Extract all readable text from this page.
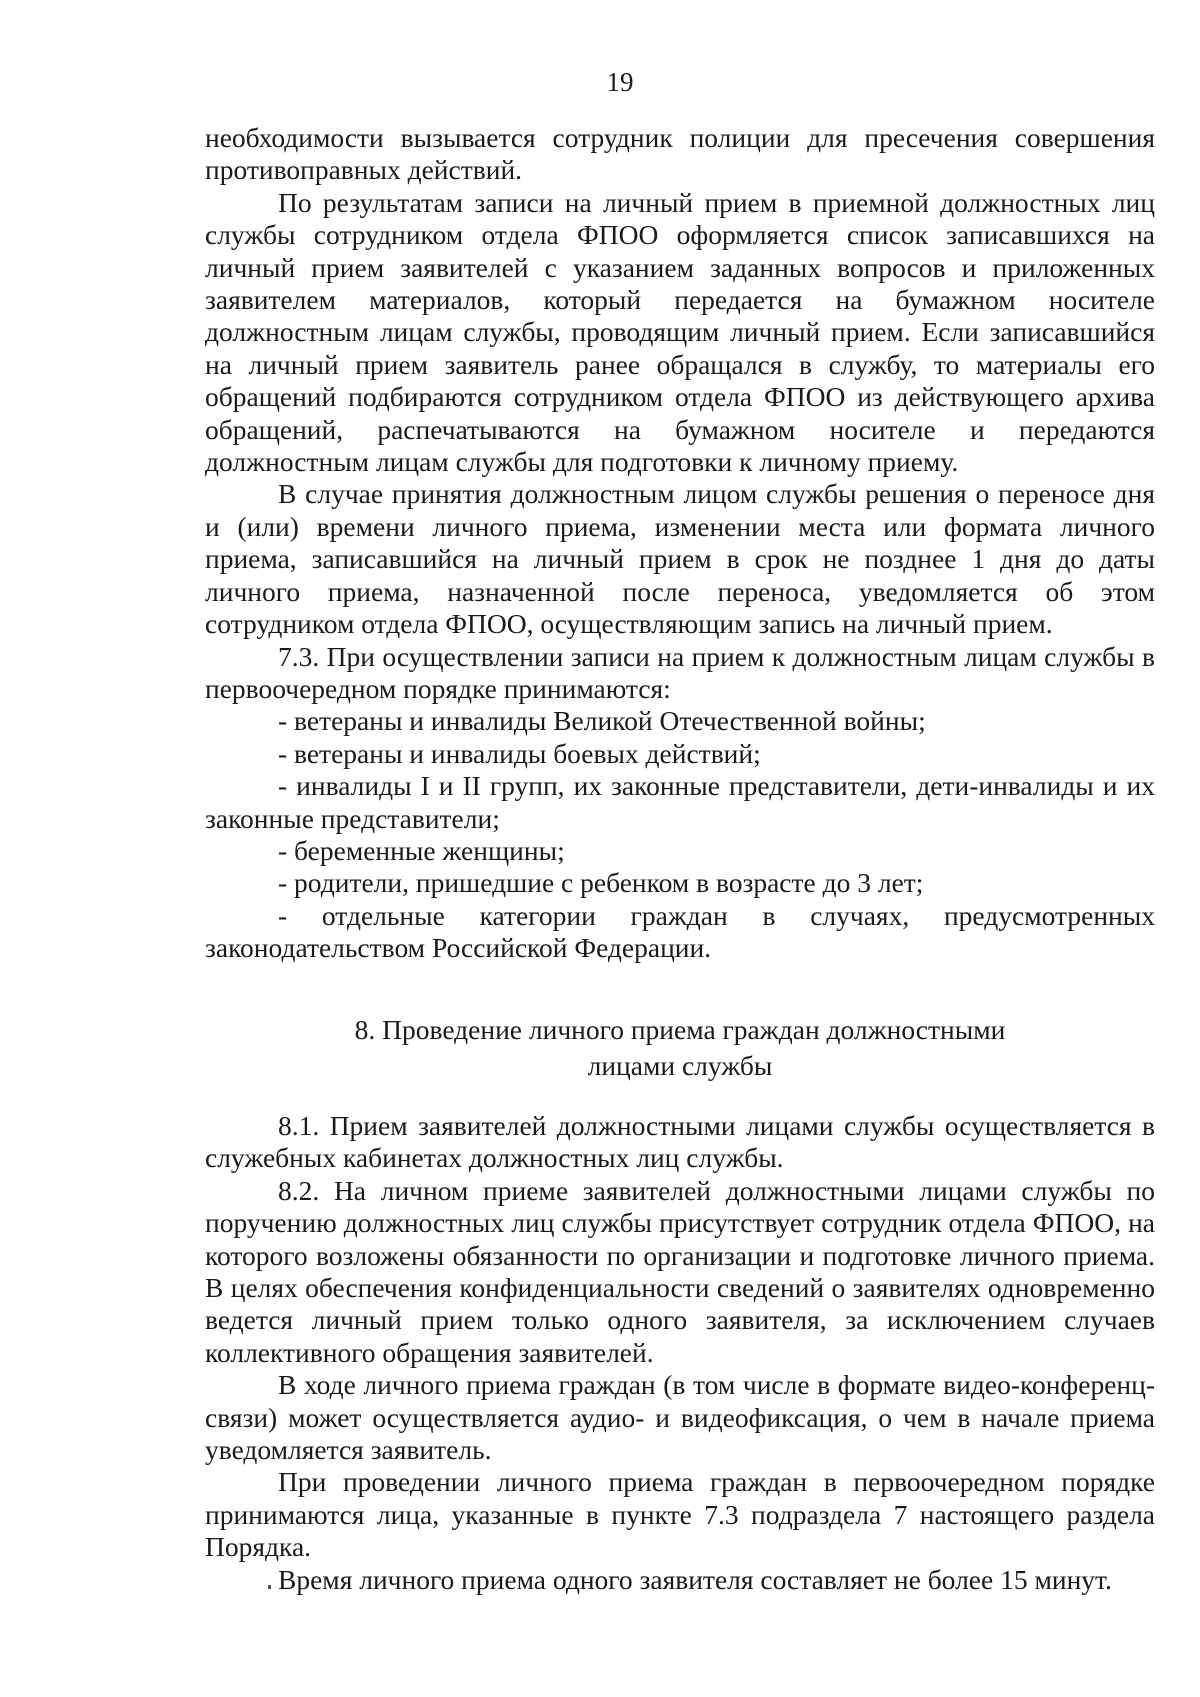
19

необходимости вызывается сотрудник полиции для пресечения совершения противоправных действий.

По результатам записи на личный прием в приемной должностных лиц службы сотрудником отдела ФПОО оформляется список записавшихся на личный прием заявителей с указанием заданных вопросов и приложенных заявителем материалов, который передается на бумажном носителе должностным лицам службы, проводящим личный прием. Если записавшийся на личный прием заявитель ранее обращался в службу, то материалы его обращений подбираются сотрудником отдела ФПОО из действующего архива обращений, распечатываются на бумажном носителе и передаются должностным лицам службы для подготовки к личному приему.

В случае принятия должностным лицом службы решения о переносе дня и (или) времени личного приема, изменении места или формата личного приема, записавшийся на личный прием в срок не позднее 1 дня до даты личного приема, назначенной после переноса, уведомляется об этом сотрудником отдела ФПОО, осуществляющим запись на личный прием.

7.3. При осуществлении записи на прием к должностным лицам службы в первоочередном порядке принимаются:

- ветераны и инвалиды Великой Отечественной войны;

- ветераны и инвалиды боевых действий;

- инвалиды I и II групп, их законные представители, дети-инвалиды и их законные представители;

- беременные женщины;

- родители, пришедшие с ребенком в возрасте до 3 лет;

- отдельные категории граждан в случаях, предусмотренных законодательством Российской Федерации.

8. Проведение личного приема граждан должностными
лицами службы

8.1. Прием заявителей должностными лицами службы осуществляется в служебных кабинетах должностных лиц службы.

8.2. На личном приеме заявителей должностными лицами службы по поручению должностных лиц службы присутствует сотрудник отдела ФПОО, на которого возложены обязанности по организации и подготовке личного приема. В целях обеспечения конфиденциальности сведений о заявителях одновременно ведется личный прием только одного заявителя, за исключением случаев коллективного обращения заявителей.

В ходе личного приема граждан (в том числе в формате видео-конференц-связи) может осуществляется аудио- и видеофиксация, о чем в начале приема уведомляется заявитель.

При проведении личного приема граждан в первоочередном порядке принимаются лица, указанные в пункте 7.3 подраздела 7 настоящего раздела Порядка.

Время личного приема одного заявителя составляет не более 15 минут.
